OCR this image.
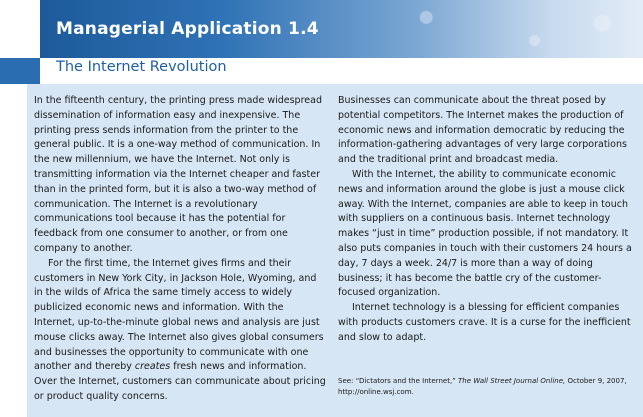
Managerial Application 1.4
The Internet Revolution

In the fifteenth century, the printing press made widespread dissemination of information easy and inexpensive. The printing press sends information from the printer to the general public. It is a one-way method of communication. In the new millennium, we have the Internet. Not only is transmitting information via the Internet cheaper and faster than in the printed form, but it is also a two-way method of communication. The Internet is a revolutionary communications tool because it has the potential for feedback from one consumer to another, or from one company to another.

For the first time, the Internet gives firms and their customers in New York City, in Jackson Hole, Wyoming, and in the wilds of Africa the same timely access to widely publicized economic news and information. With the Internet, up-to-the-minute global news and analysis are just mouse clicks away. The Internet also gives global consumers and businesses the opportunity to communicate with one another and thereby creates fresh news and information. Over the Internet, customers can communicate about pricing or product quality concerns.

Businesses can communicate about the threat posed by potential competitors. The Internet makes the production of economic news and information democratic by reducing the information-gathering advantages of very large corporations and the traditional print and broadcast media.

With the Internet, the ability to communicate economic news and information around the globe is just a mouse click away. With the Internet, companies are able to keep in touch with suppliers on a continuous basis. Internet technology makes “just in time” production possible, if not mandatory. It also puts companies in touch with their customers 24 hours a day, 7 days a week. 24/7 is more than a way of doing business; it has become the battle cry of the customer-focused organization.

Internet technology is a blessing for efficient companies with products customers crave. It is a curse for the inefficient and slow to adapt.

See: “Dictators and the Internet,” The Wall Street Journal Online, October 9, 2007, http://online.wsj.com.
